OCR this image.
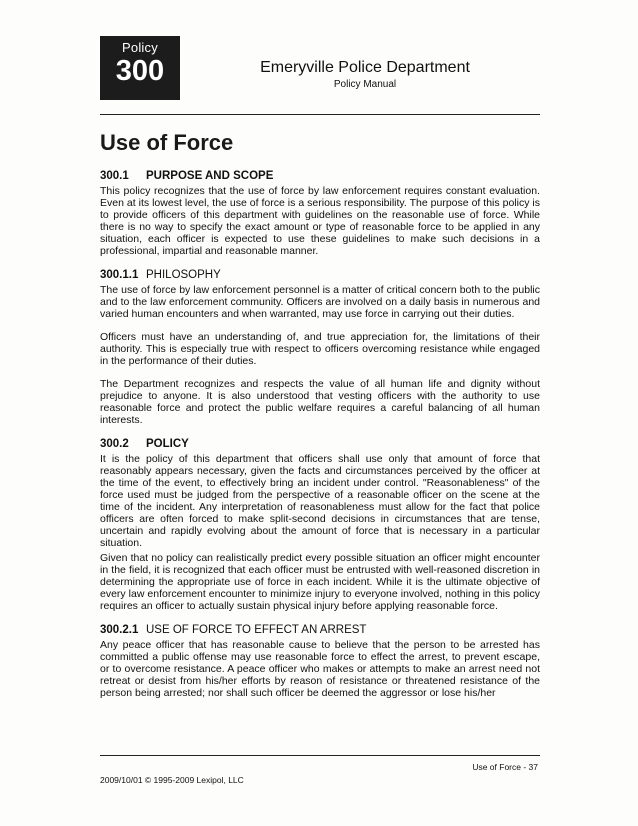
Policy
300	Emeryville Police Department
Policy Manual
Use of Force

300.1 PURPOSE AND SCOPE

This policy recognizes that the use of force by law enforcement requires constant evaluation. Even at its lowest level, the use of force is a serious responsibility. The purpose of this policy is to provide officers of this department with guidelines on the reasonable use of force. While there is no way to specify the exact amount or type of reasonable force to be applied in any situation, each officer is expected to use these guidelines to make such decisions in a professional, impartial and reasonable manner.

300.1.1 PHILOSOPHY

The use of force by law enforcement personnel is a matter of critical concern both to the public and to the law enforcement community. Officers are involved on a daily basis in numerous and varied human encounters and when warranted, may use force in carrying out their duties.

Officers must have an understanding of, and true appreciation for, the limitations of their authority. This is especially true with respect to officers overcoming resistance while engaged in the performance of their duties.

The Department recognizes and respects the value of all human life and dignity without prejudice to anyone. It is also understood that vesting officers with the authority to use reasonable force and protect the public welfare requires a careful balancing of all human interests.

300.2 POLICY

It is the policy of this department that officers shall use only that amount of force that reasonably appears necessary, given the facts and circumstances perceived by the officer at the time of the event, to effectively bring an incident under control. "Reasonableness" of the force used must be judged from the perspective of a reasonable officer on the scene at the time of the incident. Any interpretation of reasonableness must allow for the fact that police officers are often forced to make split-second decisions in circumstances that are tense, uncertain and rapidly evolving about the amount of force that is necessary in a particular situation.

Given that no policy can realistically predict every possible situation an officer might encounter in the field, it is recognized that each officer must be entrusted with well-reasoned discretion in determining the appropriate use of force in each incident. While it is the ultimate objective of every law enforcement encounter to minimize injury to everyone involved, nothing in this policy requires an officer to actually sustain physical injury before applying reasonable force.

300.2.1 USE OF FORCE TO EFFECT AN ARREST

Any peace officer that has reasonable cause to believe that the person to be arrested has committed a public offense may use reasonable force to effect the arrest, to prevent escape, or to overcome resistance. A peace officer who makes or attempts to make an arrest need not retreat or desist from his/her efforts by reason of resistance or threatened resistance of the person being arrested; nor shall such officer be deemed the aggressor or lose his/her

Use of Force - 37
2009/10/01 © 1995-2009 Lexipol, LLC
